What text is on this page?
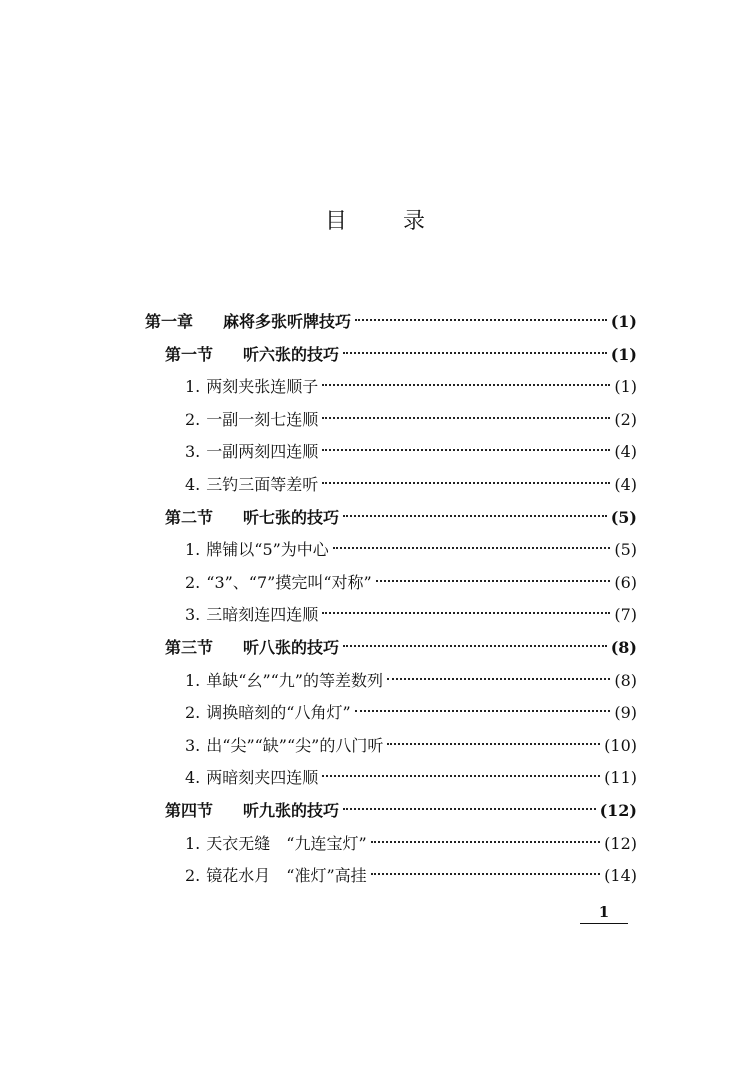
目	录
第一章 麻将多张听牌技巧	(1)
第一节 听六张的技巧	(1)
1. 两刻夹张连顺子	(1)
2. 一副一刻七连顺	(2)
3. 一副两刻四连顺	(4)
4. 三钓三面等差听	(4)
第二节 听七张的技巧	(5)
1. 牌铺以“5”为中心	(5)
2. “3”、“7”摸完叫“对称”	(6)
3. 三暗刻连四连顺	(7)
第三节 听八张的技巧	(8)
1. 单缺“幺”“九”的等差数列	(8)
2. 调换暗刻的“八角灯”	(9)
3. 出“尖”“缺”“尖”的八门听	(10)
4. 两暗刻夹四连顺	(11)
第四节 听九张的技巧	(12)
1. 天衣无缝　“九连宝灯”	(12)
2. 镜花水月　“准灯”高挂	(14)
1
